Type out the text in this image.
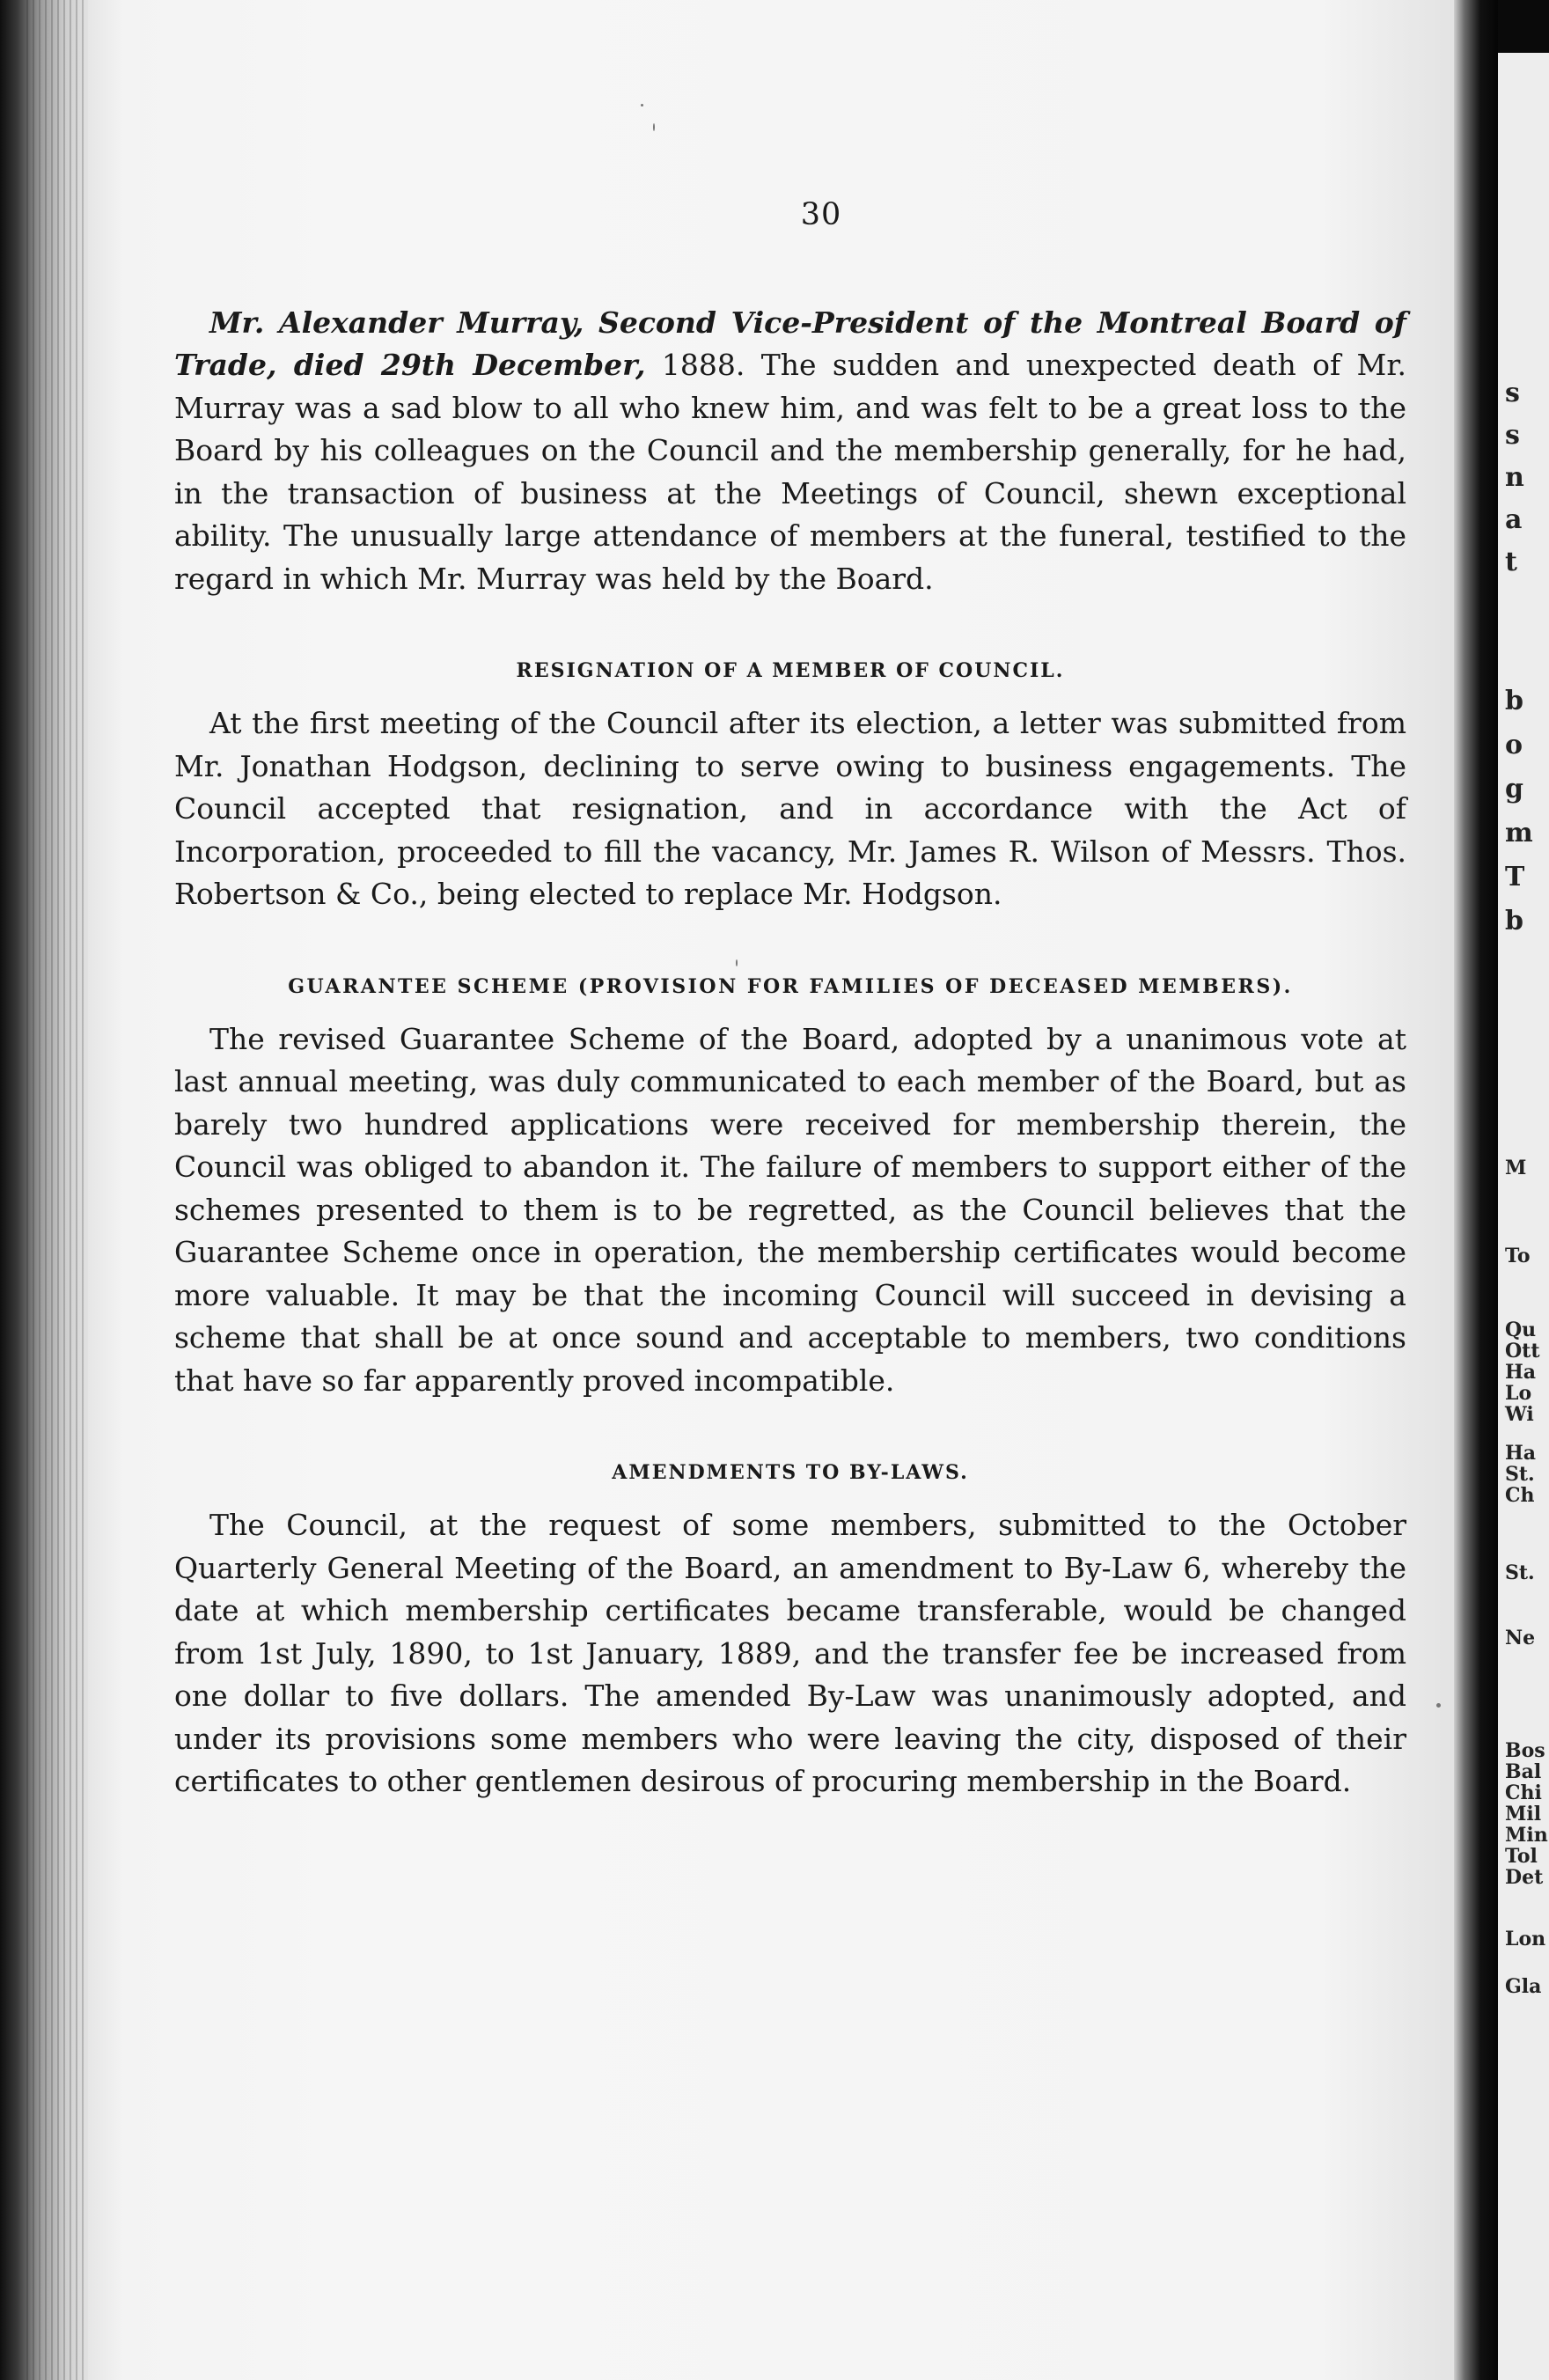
30

Mr. Alexander Murray, Second Vice-President of the Montreal Board of Trade, died 29th December, 1888. The sudden and unexpected death of Mr. Murray was a sad blow to all who knew him, and was felt to be a great loss to the Board by his colleagues on the Council and the membership generally, for he had, in the transaction of business at the Meetings of Council, shewn exceptional ability. The unusually large attendance of members at the funeral, testified to the regard in which Mr. Murray was held by the Board.

RESIGNATION OF A MEMBER OF COUNCIL.

At the first meeting of the Council after its election, a letter was submitted from Mr. Jonathan Hodgson, declining to serve owing to business engagements. The Council accepted that resignation, and in accordance with the Act of Incorporation, proceeded to fill the vacancy, Mr. James R. Wilson of Messrs. Thos. Robertson & Co., being elected to replace Mr. Hodgson.

GUARANTEE SCHEME (PROVISION FOR FAMILIES OF DECEASED MEMBERS).

The revised Guarantee Scheme of the Board, adopted by a unanimous vote at last annual meeting, was duly communicated to each member of the Board, but as barely two hundred applications were received for membership therein, the Council was obliged to abandon it. The failure of members to support either of the schemes presented to them is to be regretted, as the Council believes that the Guarantee Scheme once in operation, the membership certificates would become more valuable. It may be that the incoming Council will succeed in devising a scheme that shall be at once sound and acceptable to members, two conditions that have so far apparently proved incompatible.

AMENDMENTS TO BY-LAWS.

The Council, at the request of some members, submitted to the October Quarterly General Meeting of the Board, an amendment to By-Law 6, whereby the date at which membership certificates became transferable, would be changed from 1st July, 1890, to 1st January, 1889, and the transfer fee be increased from one dollar to five dollars. The amended By-Law was unanimously adopted, and under its provisions some members who were leaving the city, disposed of their certificates to other gentlemen desirous of procuring membership in the Board.

s
s
n
a
t
b
o
g
m
T
b
M
To
Qu
Ott
Ha
Lo
Wi
Ha
St.
Ch
St.
Ne
Bos
Bal
Chi
Mil
Min
Tol
Det
Lon
Gla
